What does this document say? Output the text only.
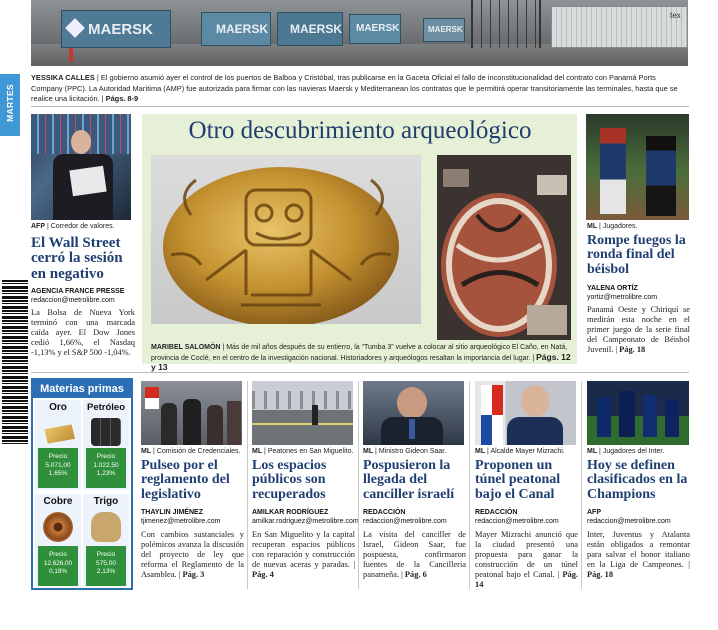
MAERSK	MAERSK MAERSK MAERSK	MAERSK
tex
YESSIKA CALLES | El gobierno asumió ayer el control de los puertos de Balboa y Cristóbal, tras publicarse en la Gaceta Oficial el fallo de inconstitucionalidad del contrato con Panamá Ports Company (PPC). La Autoridad Marítima (AMP) fue autorizada para firmar con las navieras Maersk y Mediterranean los contratos que le permitirá operar transitoriamente las terminales, hasta que se realice una licitación. | Págs. 8-9
MARTES
AFP | Corredor de valores.
El Wall Street cerró la sesión en negativo
AGENCIA FRANCE PRESSE
redaccion@metrolibre.com
La Bolsa de Nueva York terminó con una marcada caída ayer. El Dow Jones cedió 1,66%, el Nasdaq -1,13% y el S&P 500 -1,04%.
Otro descubrimiento arqueológico
MARIBEL SALOMÓN | Más de mil años después de su entierro, la “Tumba 3” vuelve a colocar al sitio arqueológico El Caño, en Natá, provincia de Coclé, en el centro de la investigación nacional. Historiadores y arqueólogos resaltan la importancia del lugar. | Págs. 12 y 13
ML | Jugadores.
Rompe fuegos la ronda final del béisbol
YALENA ORTÍZ
yortiz@metrolibre.com
Panamá Oeste y Chiriquí se medirán esta noche en el primer juego de la serie final del Campeonato de Béisbol Juvenil. | Pág. 18
Materias primas
Oro
Precio
5.071,00
1,65%
Petróleo
Precio
1.022,50
1,23%
Cobre
Precio
12.626,00
0,18%
Trigo
Precio
575,00
2,13%
ML | Comisión de Credenciales.
Pulseo por el reglamento del legislativo
THAYLIN JIMÉNEZ
tjimenez@metrolibre.com
Con cambios sustanciales y polémicos avanza la discusión del proyecto de ley que reforma el Reglamento de la Asamblea. | Pág. 3
ML | Peatones en San Miguelito.
Los espacios públicos son recuperados
AMILKAR RODRÍGUEZ
amilkar.rodriguez@metrolibre.com
En San Miguelito y la capital recuperan espacios públicos con reparación y construcción de nuevas aceras y paradas. | Pág. 4
ML | Ministro Gideon Saar.
Pospusieron la llegada del canciller israelí
REDACCIÓN
redaccion@metrolibre.com
La visita del canciller de Israel, Gideon Saar, fue pospuesta, confirmaron fuentes de la Cancillería panameña. | Pág. 6
ML | Alcalde Mayer Mizrachi.
Proponen un túnel peatonal bajo el Canal
REDACCIÓN
redaccion@metrolibre.com
Mayer Mizrachi anunció que la ciudad presentó una propuesta para ganar la construcción de un túnel peatonal bajo el Canal. | Pág. 14
ML | Jugadores del Inter.
Hoy se definen clasificados en la Champions
AFP
redaccion@metrolibre.com
Inter, Juventus y Atalanta están obligados a remontar para salvar el honor italiano en la Liga de Campeones. | Pág. 18
